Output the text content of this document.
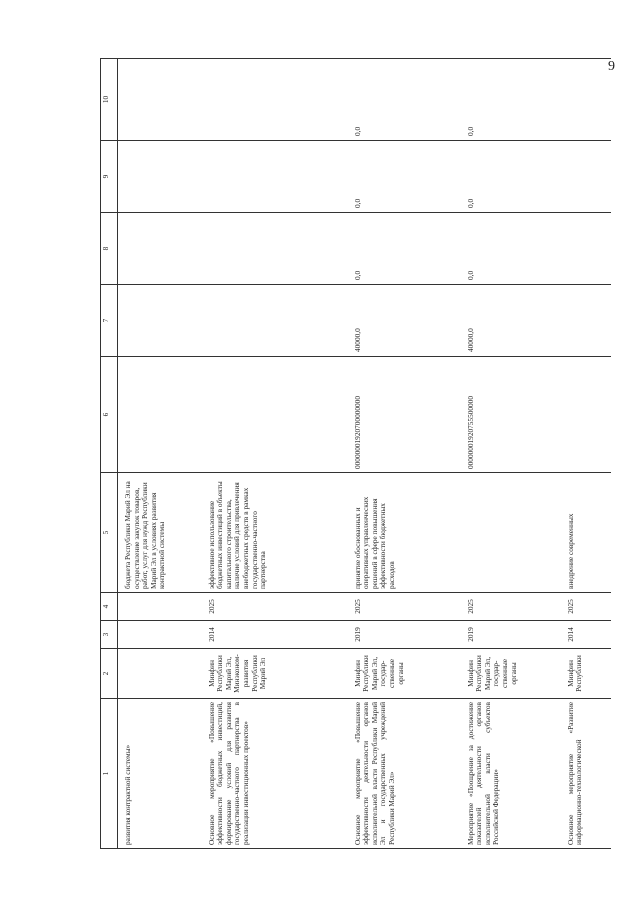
9
1	2	3	4	5	6	7	8	9	10
развития контрактной системы»				бюджета Республики Марий Эл на осуществление закупок товаров, работ, услуг для нужд Республики Марий Эл в условиях развития контрактной системы					
Основное мероприятие «Повышение эффективности бюджетных инвестиций, формирование условий для развития государственно-частного партнерства в реализации инвестиционных проектов»	Минфин Республики Марий Эл, Минэконом-развития Республики Марий Эл	2014	2025	эффективное использование бюджетных инвестиций в объекты капитального строительства, наличие условий для привлечения внебюджетных средств в рамках государственно-частного партнерства					
Основное мероприятие «Повышение эффективности деятельности органов исполнительной власти Республики Марий Эл и государственных учреждений Республики Марий Эл»	Минфин Республики Марий Эл, государ-ственные органы	2019	2025	принятие обоснованных и оперативных управленческих решений в сфере повышения эффективности бюджетных расходов	00000001920700000000	40000,0	0,0	0,0	0,0
Мероприятие «Поощрение за достижение показателей деятельности органов исполнительной власти субъектов Российской Федерации»	Минфин Республики Марий Эл, государ-ственные органы	2019	2025		00000001920755500000	40000,0	0,0	0,0	0,0
Основное мероприятие «Развитие информационно-технологической	Минфин Республики	2014	2025	внедрение современных					
